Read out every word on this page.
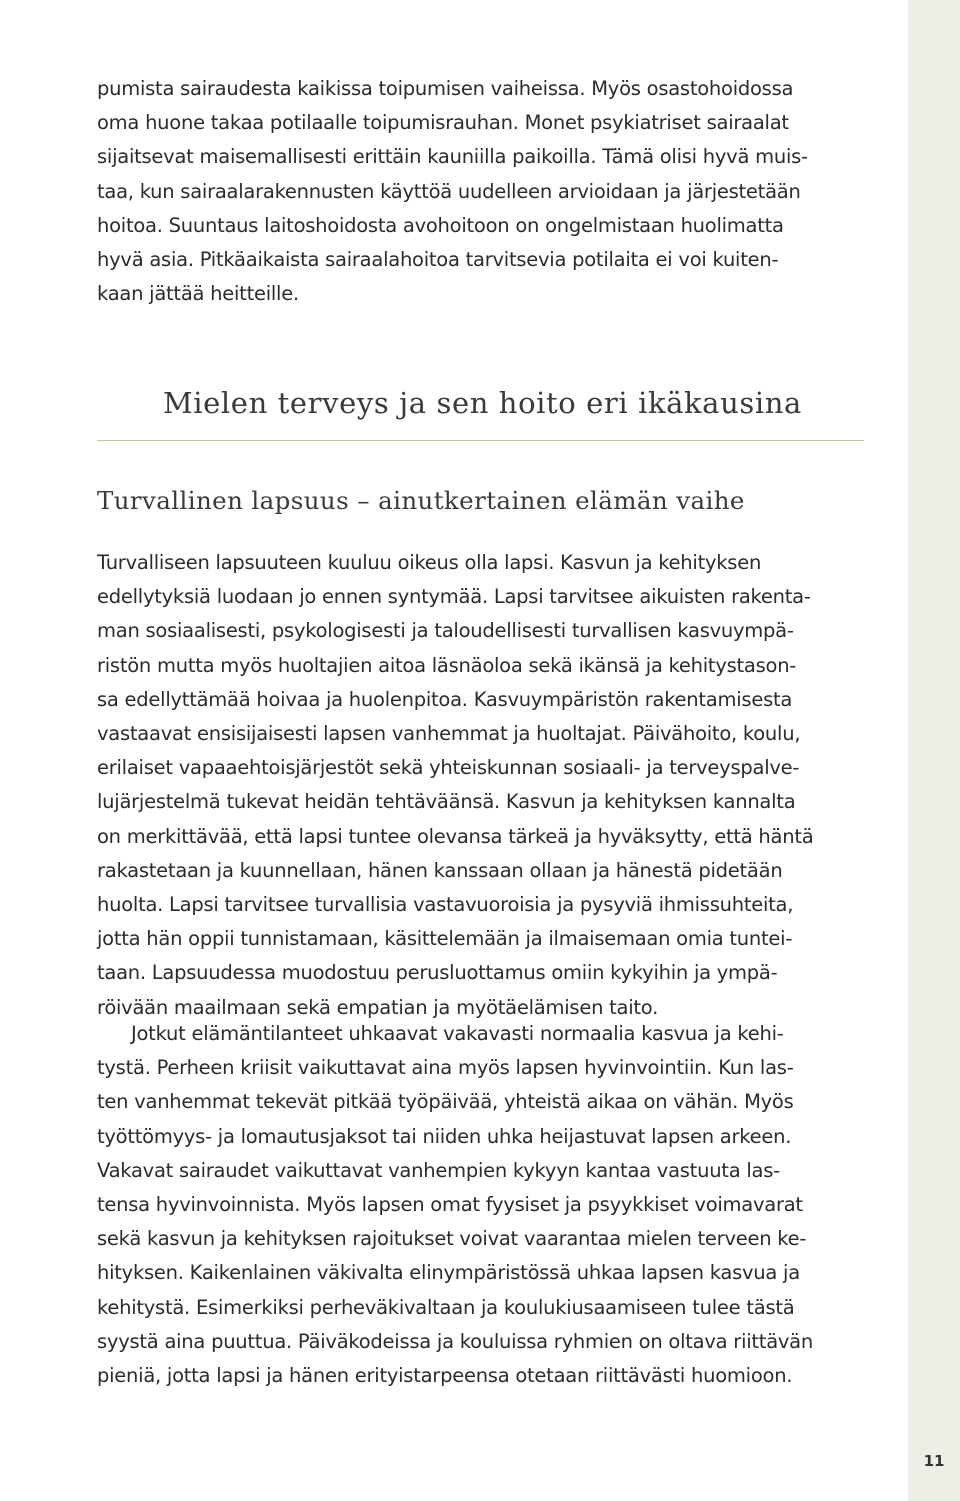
pumista sairaudesta kaikissa toipumisen vaiheissa. Myös osastohoidossa
oma huone takaa potilaalle toipumisrauhan. Monet psykiatriset sairaalat
sijaitsevat maisemallisesti erittäin kauniilla paikoilla. Tämä olisi hyvä muis-
taa, kun sairaalarakennusten käyttöä uudelleen arvioidaan ja järjestetään
hoitoa. Suuntaus laitoshoidosta avohoitoon on ongelmistaan huolimatta
hyvä asia. Pitkäaikaista sairaalahoitoa tarvitsevia potilaita ei voi kuiten-
kaan jättää heitteille.
Mielen terveys ja sen hoito eri ikäkausina
Turvallinen lapsuus – ainutkertainen elämän vaihe
Turvalliseen lapsuuteen kuuluu oikeus olla lapsi. Kasvun ja kehityksen
edellytyksiä luodaan jo ennen syntymää. Lapsi tarvitsee aikuisten rakenta-
man sosiaalisesti, psykologisesti ja taloudellisesti turvallisen kasvuympä-
ristön mutta myös huoltajien aitoa läsnäoloa sekä ikänsä ja kehitystason-
sa edellyttämää hoivaa ja huolenpitoa. Kasvuympäristön rakentamisesta
vastaavat ensisijaisesti lapsen vanhemmat ja huoltajat. Päivähoito, koulu,
erilaiset vapaaehtoisjärjestöt sekä yhteiskunnan sosiaali- ja terveyspalve-
lujärjestelmä tukevat heidän tehtäväänsä. Kasvun ja kehityksen kannalta
on merkittävää, että lapsi tuntee olevansa tärkeä ja hyväksytty, että häntä
rakastetaan ja kuunnellaan, hänen kanssaan ollaan ja hänestä pidetään
huolta. Lapsi tarvitsee turvallisia vastavuoroisia ja pysyviä ihmissuhteita,
jotta hän oppii tunnistamaan, käsittelemään ja ilmaisemaan omia tuntei-
taan. Lapsuudessa muodostuu perusluottamus omiin kykyihin ja ympä-
röivään maailmaan sekä empatian ja myötäelämisen taito.
Jotkut elämäntilanteet uhkaavat vakavasti normaalia kasvua ja kehi-
tystä. Perheen kriisit vaikuttavat aina myös lapsen hyvinvointiin. Kun las-
ten vanhemmat tekevät pitkää työpäivää, yhteistä aikaa on vähän. Myös
työttömyys- ja lomautusjaksot tai niiden uhka heijastuvat lapsen arkeen.
Vakavat sairaudet vaikuttavat vanhempien kykyyn kantaa vastuuta las-
tensa hyvinvoinnista. Myös lapsen omat fyysiset ja psyykkiset voimavarat
sekä kasvun ja kehityksen rajoitukset voivat vaarantaa mielen terveen ke-
hityksen. Kaikenlainen väkivalta elinympäristössä uhkaa lapsen kasvua ja
kehitystä. Esimerkiksi perheväkivaltaan ja koulukiusaamiseen tulee tästä
syystä aina puuttua. Päiväkodeissa ja kouluissa ryhmien on oltava riittävän
pieniä, jotta lapsi ja hänen erityistarpeensa otetaan riittävästi huomioon.
11
